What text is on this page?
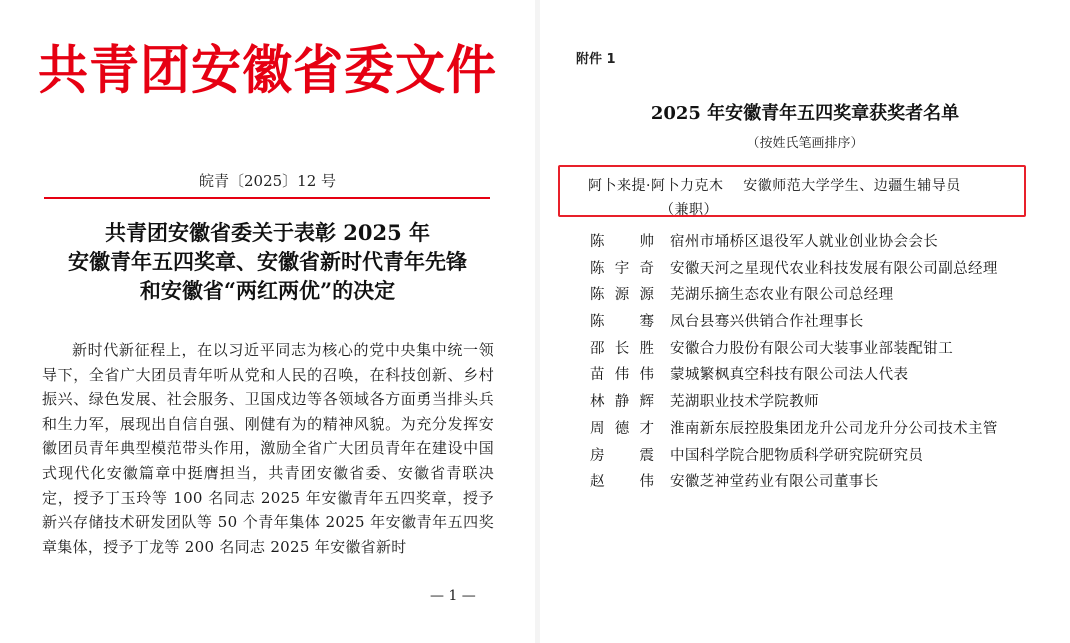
共青团安徽省委文件
皖青〔2025〕12 号
共青团安徽省委关于表彰 2025 年
安徽青年五四奖章、安徽省新时代青年先锋
和安徽省“两红两优”的决定
新时代新征程上，在以习近平同志为核心的党中央集中统一领导下，全省广大团员青年听从党和人民的召唤，在科技创新、乡村振兴、绿色发展、社会服务、卫国戍边等各领域各方面勇当排头兵和生力军，展现出自信自强、刚健有为的精神风貌。为充分发挥安徽团员青年典型模范带头作用，激励全省广大团员青年在建设中国式现代化安徽篇章中挺膺担当，共青团安徽省委、安徽省青联决定，授予丁玉玲等 100 名同志 2025 年安徽青年五四奖章，授予新兴存储技术研发团队等 50 个青年集体 2025 年安徽青年五四奖章集体，授予丁龙等 200 名同志 2025 年安徽省新时
— 1 —
附件 1
2025 年安徽青年五四奖章获奖者名单
（按姓氏笔画排序）
阿卜来提·阿卜力克木 安徽师范大学学生、边疆生辅导员
（兼职）
陈　帅 宿州市埇桥区退役军人就业创业协会会长
陈宇奇 安徽天河之星现代农业科技发展有限公司副总经理
陈源源 芜湖乐摘生态农业有限公司总经理
陈　骞 凤台县骞兴供销合作社理事长
邵长胜 安徽合力股份有限公司大装事业部装配钳工
苗伟伟 蒙城繁枫真空科技有限公司法人代表
林静辉 芜湖职业技术学院教师
周德才 淮南新东辰控股集团龙升公司龙升分公司技术主管
房　震 中国科学院合肥物质科学研究院研究员
赵　伟 安徽芝神堂药业有限公司董事长
